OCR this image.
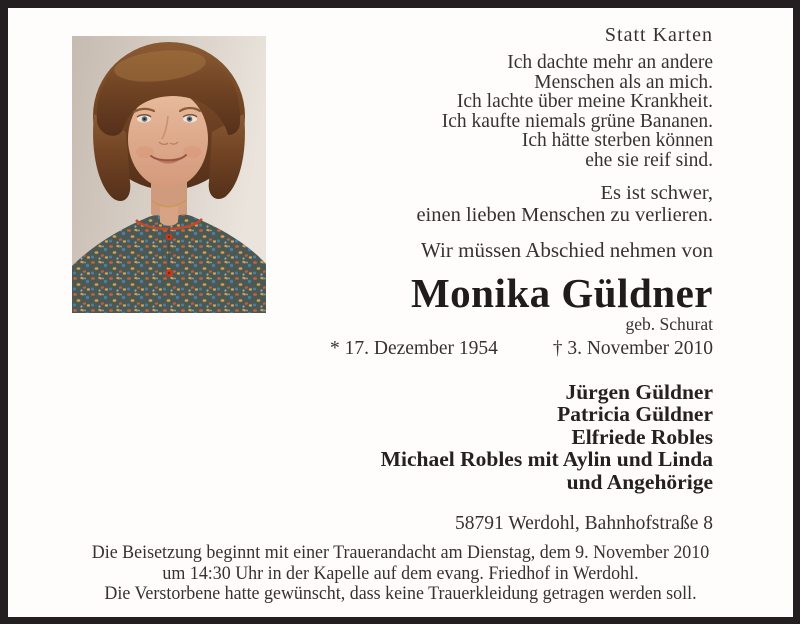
Statt Karten
Ich dachte mehr an andere
Menschen als an mich.
Ich lachte über meine Krankheit.
Ich kaufte niemals grüne Bananen.
Ich hätte sterben können
ehe sie reif sind.
Es ist schwer,
einen lieben Menschen zu verlieren.
Wir müssen Abschied nehmen von
Monika Güldner
geb. Schurat
* 17. Dezember 1954	† 3. November 2010
Jürgen Güldner
Patricia Güldner
Elfriede Robles
Michael Robles mit Aylin und Linda
und Angehörige
58791 Werdohl, Bahnhofstraße 8
Die Beisetzung beginnt mit einer Trauerandacht am Dienstag, dem 9. November 2010
um 14:30 Uhr in der Kapelle auf dem evang. Friedhof in Werdohl.
Die Verstorbene hatte gewünscht, dass keine Trauerkleidung getragen werden soll.
